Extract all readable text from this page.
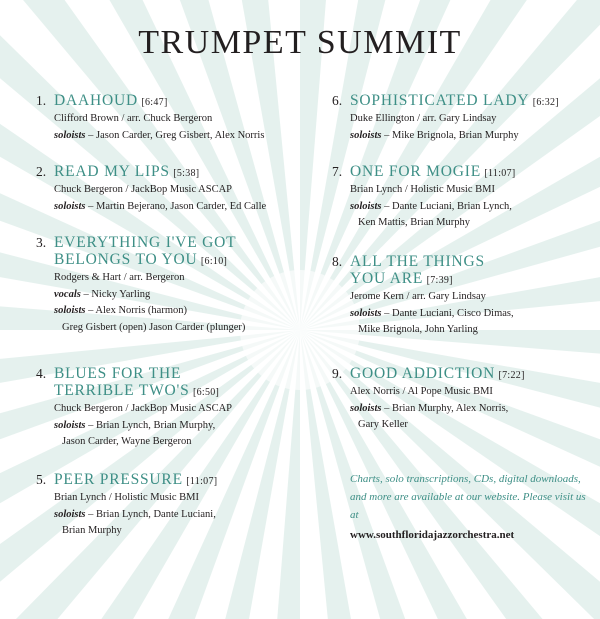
TRUMPET SUMMIT
1. DAAHOUD [6:47]
Clifford Brown / arr. Chuck Bergeron
soloists – Jason Carder, Greg Gisbert, Alex Norris
2. READ MY LIPS [5:38]
Chuck Bergeron / JackBop Music ASCAP
soloists – Martin Bejerano, Jason Carder, Ed Calle
3. EVERYTHING I'VE GOT
BELONGS TO YOU [6:10]
Rodgers & Hart / arr. Bergeron
vocals – Nicky Yarling
soloists – Alex Norris (harmon)
Greg Gisbert (open) Jason Carder (plunger)
4. BLUES FOR THE
TERRIBLE TWO'S [6:50]
Chuck Bergeron / JackBop Music ASCAP
soloists – Brian Lynch, Brian Murphy,
Jason Carder, Wayne Bergeron
5. PEER PRESSURE [11:07]
Brian Lynch / Holistic Music BMI
soloists – Brian Lynch, Dante Luciani,
Brian Murphy
6. SOPHISTICATED LADY [6:32]
Duke Ellington / arr. Gary Lindsay
soloists – Mike Brignola, Brian Murphy
7. ONE FOR MOGIE [11:07]
Brian Lynch / Holistic Music BMI
soloists – Dante Luciani, Brian Lynch,
Ken Mattis, Brian Murphy
8. ALL THE THINGS
YOU ARE [7:39]
Jerome Kern / arr. Gary Lindsay
soloists – Dante Luciani, Cisco Dimas,
Mike Brignola, John Yarling
9. GOOD ADDICTION [7:22]
Alex Norris / Al Pope Music BMI
soloists – Brian Murphy, Alex Norris,
Gary Keller
Charts, solo transcriptions, CDs, digital downloads, and more are available at our website. Please visit us at
www.southfloridajazzorchestra.net
